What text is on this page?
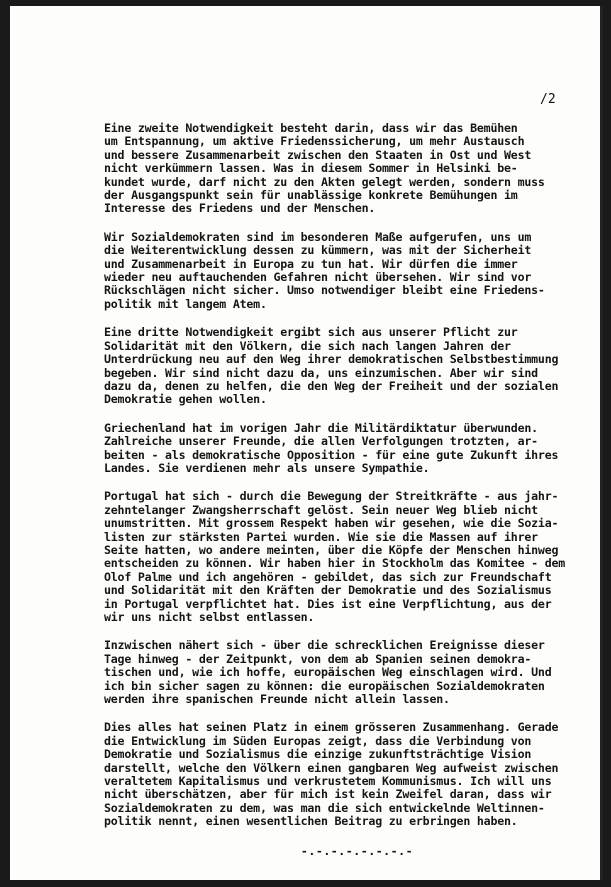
/2

Eine zweite Notwendigkeit besteht darin, dass wir das Bemühen
um Entspannung, um aktive Friedenssicherung, um mehr Austausch
und bessere Zusammenarbeit zwischen den Staaten in Ost und West
nicht verkümmern lassen. Was in diesem Sommer in Helsinki be-
kundet wurde, darf nicht zu den Akten gelegt werden, sondern muss
der Ausgangspunkt sein für unablässige konkrete Bemühungen im
Interesse des Friedens und der Menschen.

Wir Sozialdemokraten sind im besonderen Maße aufgerufen, uns um
die Weiterentwicklung dessen zu kümmern, was mit der Sicherheit
und Zusammenarbeit in Europa zu tun hat. Wir dürfen die immer
wieder neu auftauchenden Gefahren nicht übersehen. Wir sind vor
Rückschlägen nicht sicher. Umso notwendiger bleibt eine Friedens-
politik mit langem Atem.

Eine dritte Notwendigkeit ergibt sich aus unserer Pflicht zur
Solidarität mit den Völkern, die sich nach langen Jahren der
Unterdrückung neu auf den Weg ihrer demokratischen Selbstbestimmung
begeben. Wir sind nicht dazu da, uns einzumischen. Aber wir sind
dazu da, denen zu helfen, die den Weg der Freiheit und der sozialen
Demokratie gehen wollen.

Griechenland hat im vorigen Jahr die Militärdiktatur überwunden.
Zahlreiche unserer Freunde, die allen Verfolgungen trotzten, ar-
beiten - als demokratische Opposition - für eine gute Zukunft ihres
Landes. Sie verdienen mehr als unsere Sympathie.

Portugal hat sich - durch die Bewegung der Streitkräfte - aus jahr-
zehntelanger Zwangsherrschaft gelöst. Sein neuer Weg blieb nicht
unumstritten. Mit grossem Respekt haben wir gesehen, wie die Sozia-
listen zur stärksten Partei wurden. Wie sie die Massen auf ihrer
Seite hatten, wo andere meinten, über die Köpfe der Menschen hinweg
entscheiden zu können. Wir haben hier in Stockholm das Komitee - dem
Olof Palme und ich angehören - gebildet, das sich zur Freundschaft
und Solidarität mit den Kräften der Demokratie und des Sozialismus
in Portugal verpflichtet hat. Dies ist eine Verpflichtung, aus der
wir uns nicht selbst entlassen.

Inzwischen nähert sich - über die schrecklichen Ereignisse dieser
Tage hinweg - der Zeitpunkt, von dem ab Spanien seinen demokra-
tischen und, wie ich hoffe, europäischen Weg einschlagen wird. Und
ich bin sicher sagen zu können: die europäischen Sozialdemokraten
werden ihre spanischen Freunde nicht allein lassen.

Dies alles hat seinen Platz in einem grösseren Zusammenhang. Gerade
die Entwicklung im Süden Europas zeigt, dass die Verbindung von
Demokratie und Sozialismus die einzige zukunftsträchtige Vision
darstellt, welche den Völkern einen gangbaren Weg aufweist zwischen
veraltetem Kapitalismus und verkrustetem Kommunismus. Ich will uns
nicht überschätzen, aber für mich ist kein Zweifel daran, dass wir
Sozialdemokraten zu dem, was man die sich entwickelnde Weltinnen-
politik nennt, einen wesentlichen Beitrag zu erbringen haben.

-.-.-.-.-.-.-.-
